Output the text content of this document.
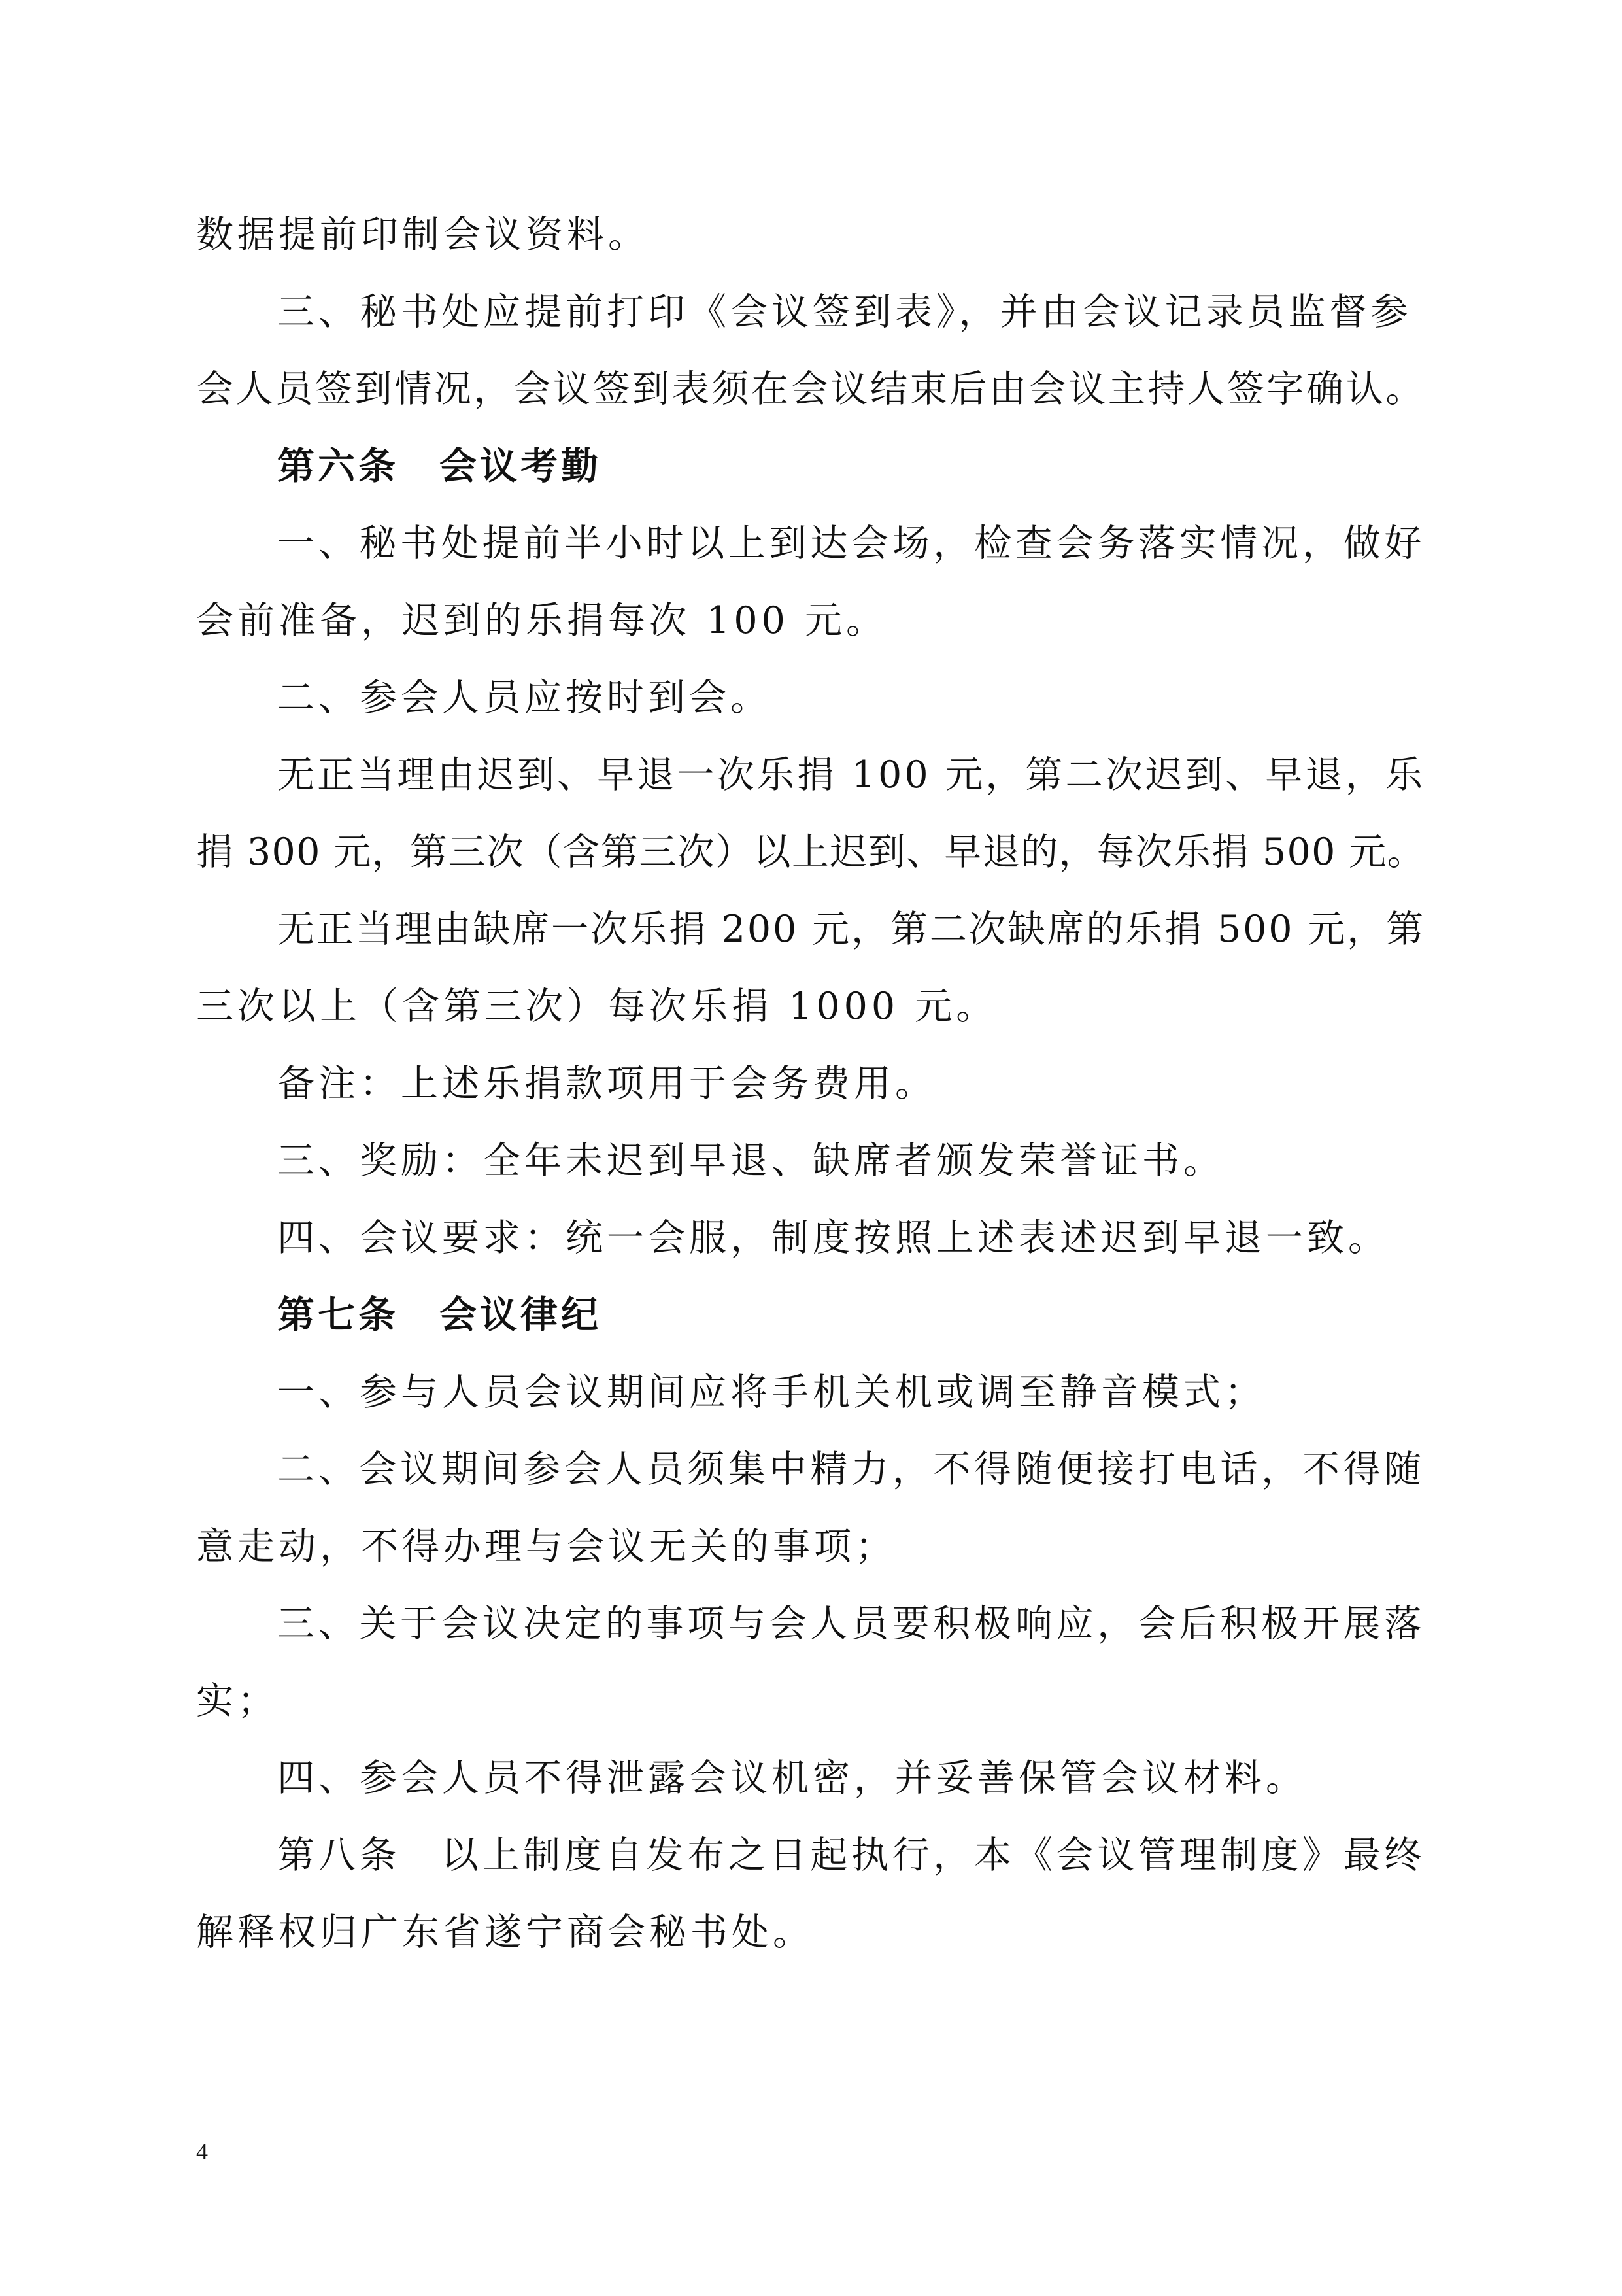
数据提前印制会议资料。
三、秘书处应提前打印《会议签到表》，并由会议记录员监督参
会人员签到情况，会议签到表须在会议结束后由会议主持人签字确认。
第六条　会议考勤
一、秘书处提前半小时以上到达会场，检查会务落实情况，做好
会前准备，迟到的乐捐每次 100 元。
二、参会人员应按时到会。
无正当理由迟到、早退一次乐捐 100 元，第二次迟到、早退，乐
捐 300 元，第三次（含第三次）以上迟到、早退的，每次乐捐 500 元。
无正当理由缺席一次乐捐 200 元，第二次缺席的乐捐 500 元，第
三次以上（含第三次）每次乐捐 1000 元。
备注：上述乐捐款项用于会务费用。
三、奖励：全年未迟到早退、缺席者颁发荣誉证书。
四、会议要求：统一会服，制度按照上述表述迟到早退一致。
第七条　会议律纪
一、参与人员会议期间应将手机关机或调至静音模式；
二、会议期间参会人员须集中精力，不得随便接打电话，不得随
意走动，不得办理与会议无关的事项；
三、关于会议决定的事项与会人员要积极响应，会后积极开展落
实；
四、参会人员不得泄露会议机密，并妥善保管会议材料。
第八条　以上制度自发布之日起执行，本《会议管理制度》最终
解释权归广东省遂宁商会秘书处。
4
